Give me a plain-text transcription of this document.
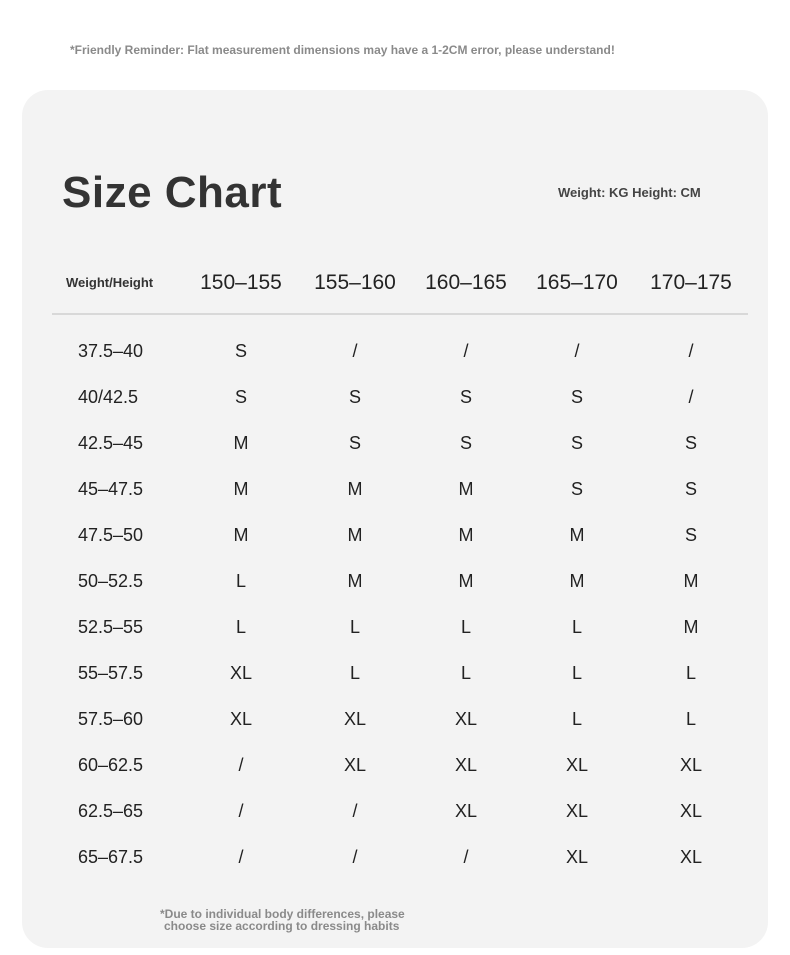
*Friendly Reminder: Flat measurement dimensions may have a 1-2CM error, please understand!
Size Chart	Weight: KG Height: CM
Weight/Height	150–155	155–160	160–165	165–170	170–175
37.5–40	S	/	/	/	/
40/42.5	S	S	S	S	/
42.5–45	M	S	S	S	S
45–47.5	M	M	M	S	S
47.5–50	M	M	M	M	S
50–52.5	L	M	M	M	M
52.5–55	L	L	L	L	M
55–57.5	XL	L	L	L	L
57.5–60	XL	XL	XL	L	L
60–62.5	/	XL	XL	XL	XL
62.5–65	/	/	XL	XL	XL
65–67.5	/	/	/	XL	XL
*Due to individual body differences, please
choose size according to dressing habits
